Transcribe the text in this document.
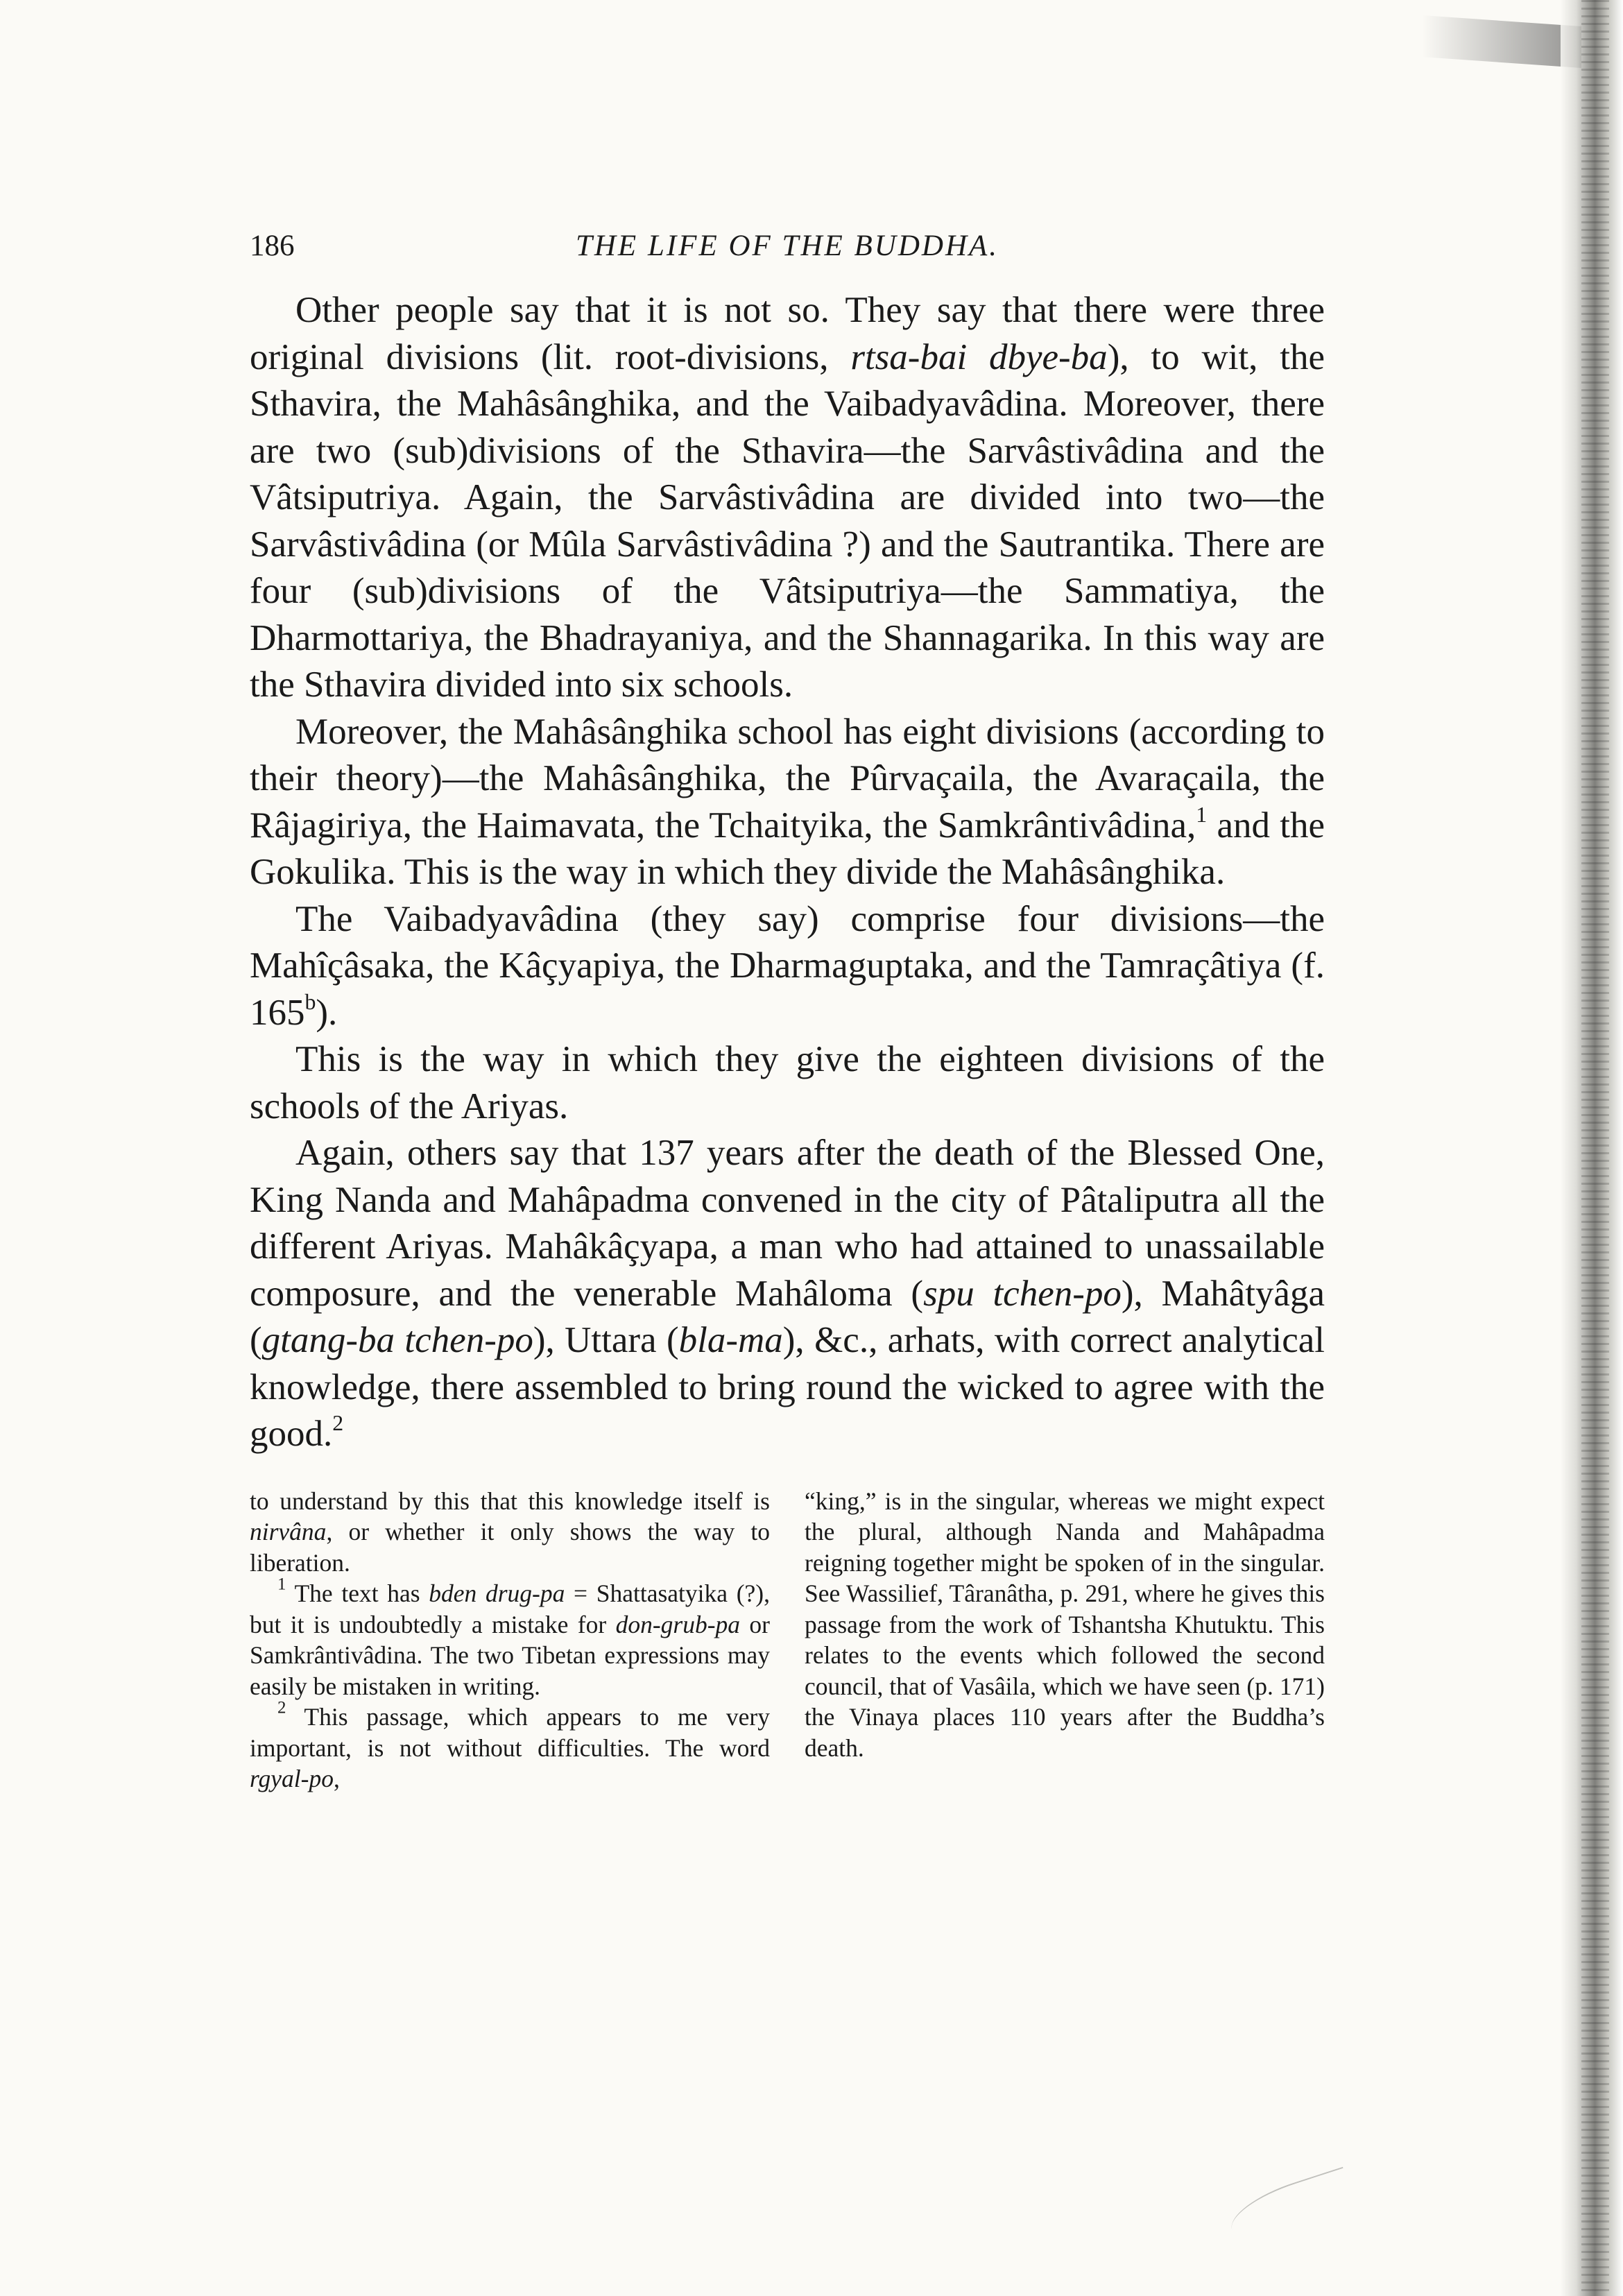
186	THE LIFE OF THE BUDDHA.

Other people say that it is not so. They say that there were three original divisions (lit. root-divisions, rtsa-bai dbye-ba), to wit, the Sthavira, the Mahâsânghika, and the Vaibadyavâdina. Moreover, there are two (sub)divisions of the Sthavira—the Sarvâstivâdina and the Vâtsiputriya. Again, the Sarvâstivâdina are divided into two—the Sarvâstivâdina (or Mûla Sarvâstivâdina ?) and the Sautrantika. There are four (sub)divisions of the Vâtsiputriya—the Sammatiya, the Dharmottariya, the Bhadrayaniya, and the Shannagarika. In this way are the Sthavira divided into six schools.

Moreover, the Mahâsânghika school has eight divisions (according to their theory)—the Mahâsânghika, the Pûrvaçaila, the Avaraçaila, the Râjagiriya, the Haimavata, the Tchaityika, the Samkrântivâdina,$^1$ and the Gokulika. This is the way in which they divide the Mahâsânghika.

The Vaibadyavâdina (they say) comprise four divisions—the Mahîçâsaka, the Kâçyapiya, the Dharmaguptaka, and the Tamraçâtiya (f. 165$^b$).

This is the way in which they give the eighteen divisions of the schools of the Ariyas.

Again, others say that 137 years after the death of the Blessed One, King Nanda and Mahâpadma convened in the city of Pâtaliputra all the different Ariyas. Mahâkâçyapa, a man who had attained to unassailable composure, and the venerable Mahâloma (spu tchen-po), Mahâtyâga (gtang-ba tchen-po), Uttara (bla-ma), &c., arhats, with correct analytical knowledge, there assembled to bring round the wicked to agree with the good.$^2$

to understand by this that this knowledge itself is nirvâna, or whether it only shows the way to liberation.

$^1$ The text has bden drug-pa = Shattasatyika (?), but it is undoubtedly a mistake for don-grub-pa or Samkrântivâdina. The two Tibetan expressions may easily be mistaken in writing.

$^2$ This passage, which appears to me very important, is not without difficulties. The word rgyal-po,

“king,” is in the singular, whereas we might expect the plural, although Nanda and Mahâpadma reigning together might be spoken of in the singular. See Wassilief, Târanâtha, p. 291, where he gives this passage from the work of Tshantsha Khutuktu. This relates to the events which followed the second council, that of Vasâila, which we have seen (p. 171) the Vinaya places 110 years after the Buddha’s death.
